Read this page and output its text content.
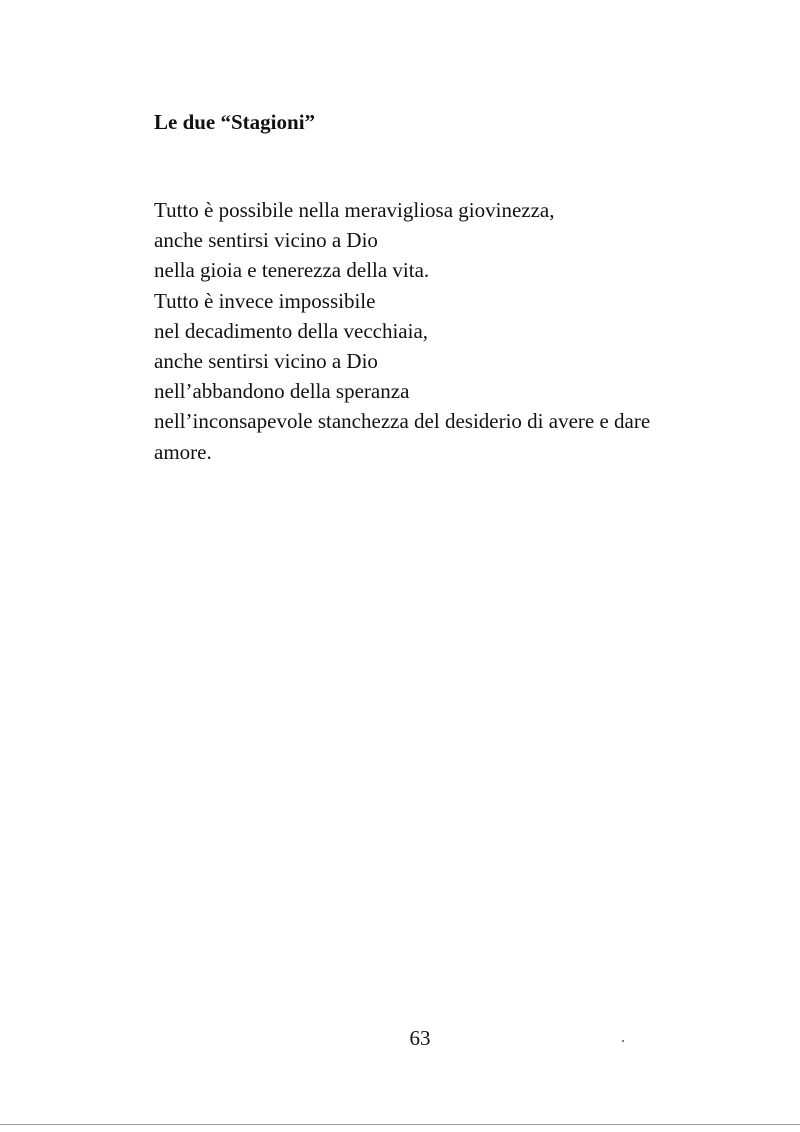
Le due “Stagioni”
Tutto è possibile nella meravigliosa giovinezza,
anche sentirsi vicino a Dio
nella gioia e tenerezza della vita.
Tutto è invece impossibile
nel decadimento della vecchiaia,
anche sentirsi vicino a Dio
nell’abbandono della speranza
nell’inconsapevole stanchezza del desiderio di avere e dare
amore.
63
